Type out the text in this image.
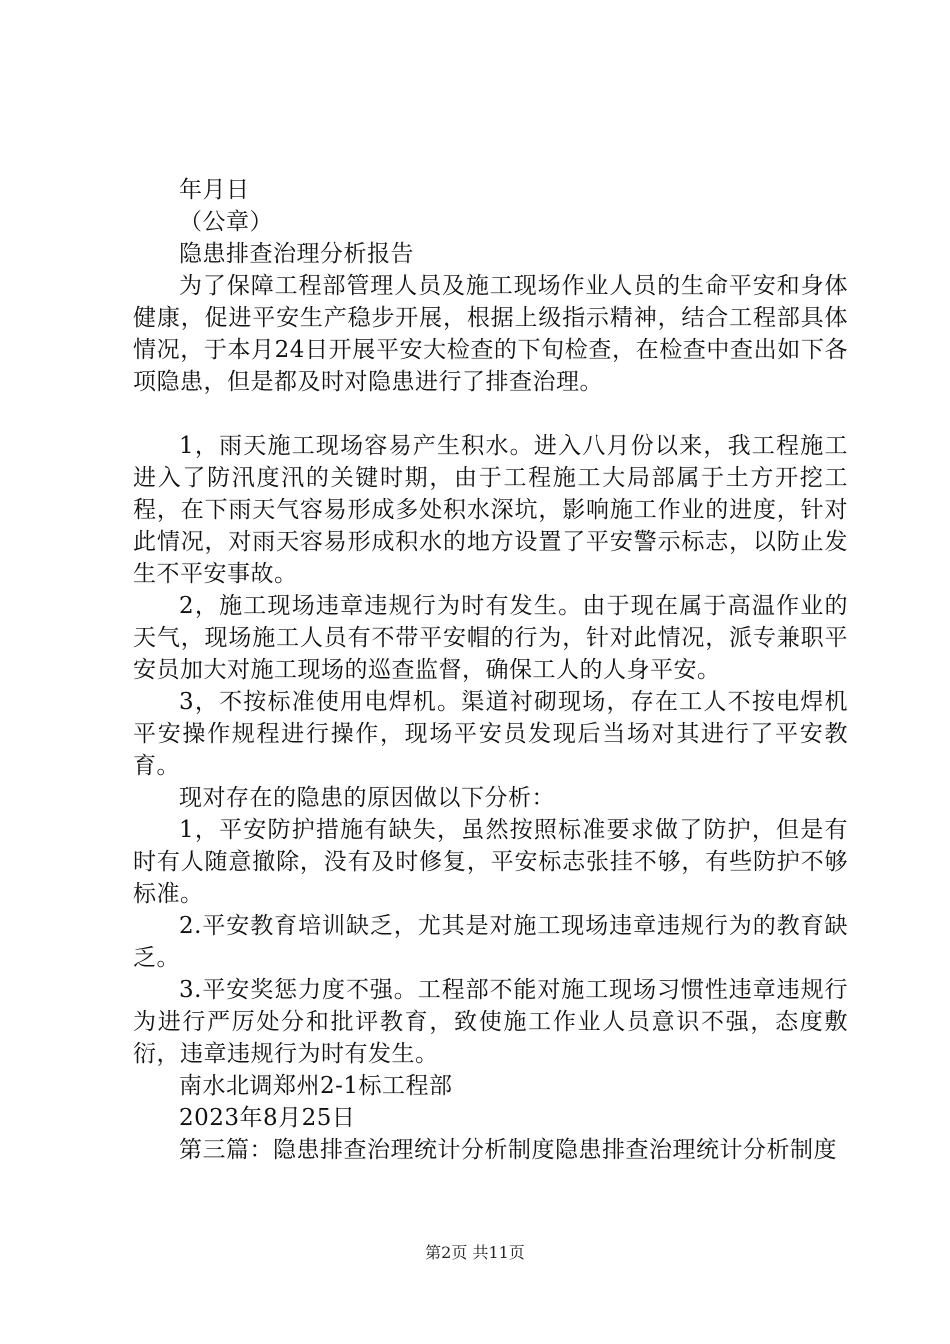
年月日

（公章）

隐患排查治理分析报告

为了保障工程部管理人员及施工现场作业人员的生命平安和身体健康，促进平安生产稳步开展，根据上级指示精神，结合工程部具体情况，于本月24日开展平安大检查的下旬检查，在检查中查出如下各项隐患，但是都及时对隐患进行了排查治理。

1，雨天施工现场容易产生积水。进入八月份以来，我工程施工进入了防汛度汛的关键时期，由于工程施工大局部属于土方开挖工程，在下雨天气容易形成多处积水深坑，影响施工作业的进度，针对此情况，对雨天容易形成积水的地方设置了平安警示标志，以防止发生不平安事故。

2，施工现场违章违规行为时有发生。由于现在属于高温作业的天气，现场施工人员有不带平安帽的行为，针对此情况，派专兼职平安员加大对施工现场的巡查监督，确保工人的人身平安。

3，不按标准使用电焊机。渠道衬砌现场，存在工人不按电焊机平安操作规程进行操作，现场平安员发现后当场对其进行了平安教育。

现对存在的隐患的原因做以下分析：

1，平安防护措施有缺失，虽然按照标准要求做了防护，但是有时有人随意撤除，没有及时修复，平安标志张挂不够，有些防护不够标准。

2.平安教育培训缺乏，尤其是对施工现场违章违规行为的教育缺乏。

3.平安奖惩力度不强。工程部不能对施工现场习惯性违章违规行为进行严厉处分和批评教育，致使施工作业人员意识不强，态度敷衍，违章违规行为时有发生。

南水北调郑州2-1标工程部

2023年8月25日

第三篇：隐患排查治理统计分析制度隐患排查治理统计分析制度

第2页 共11页
